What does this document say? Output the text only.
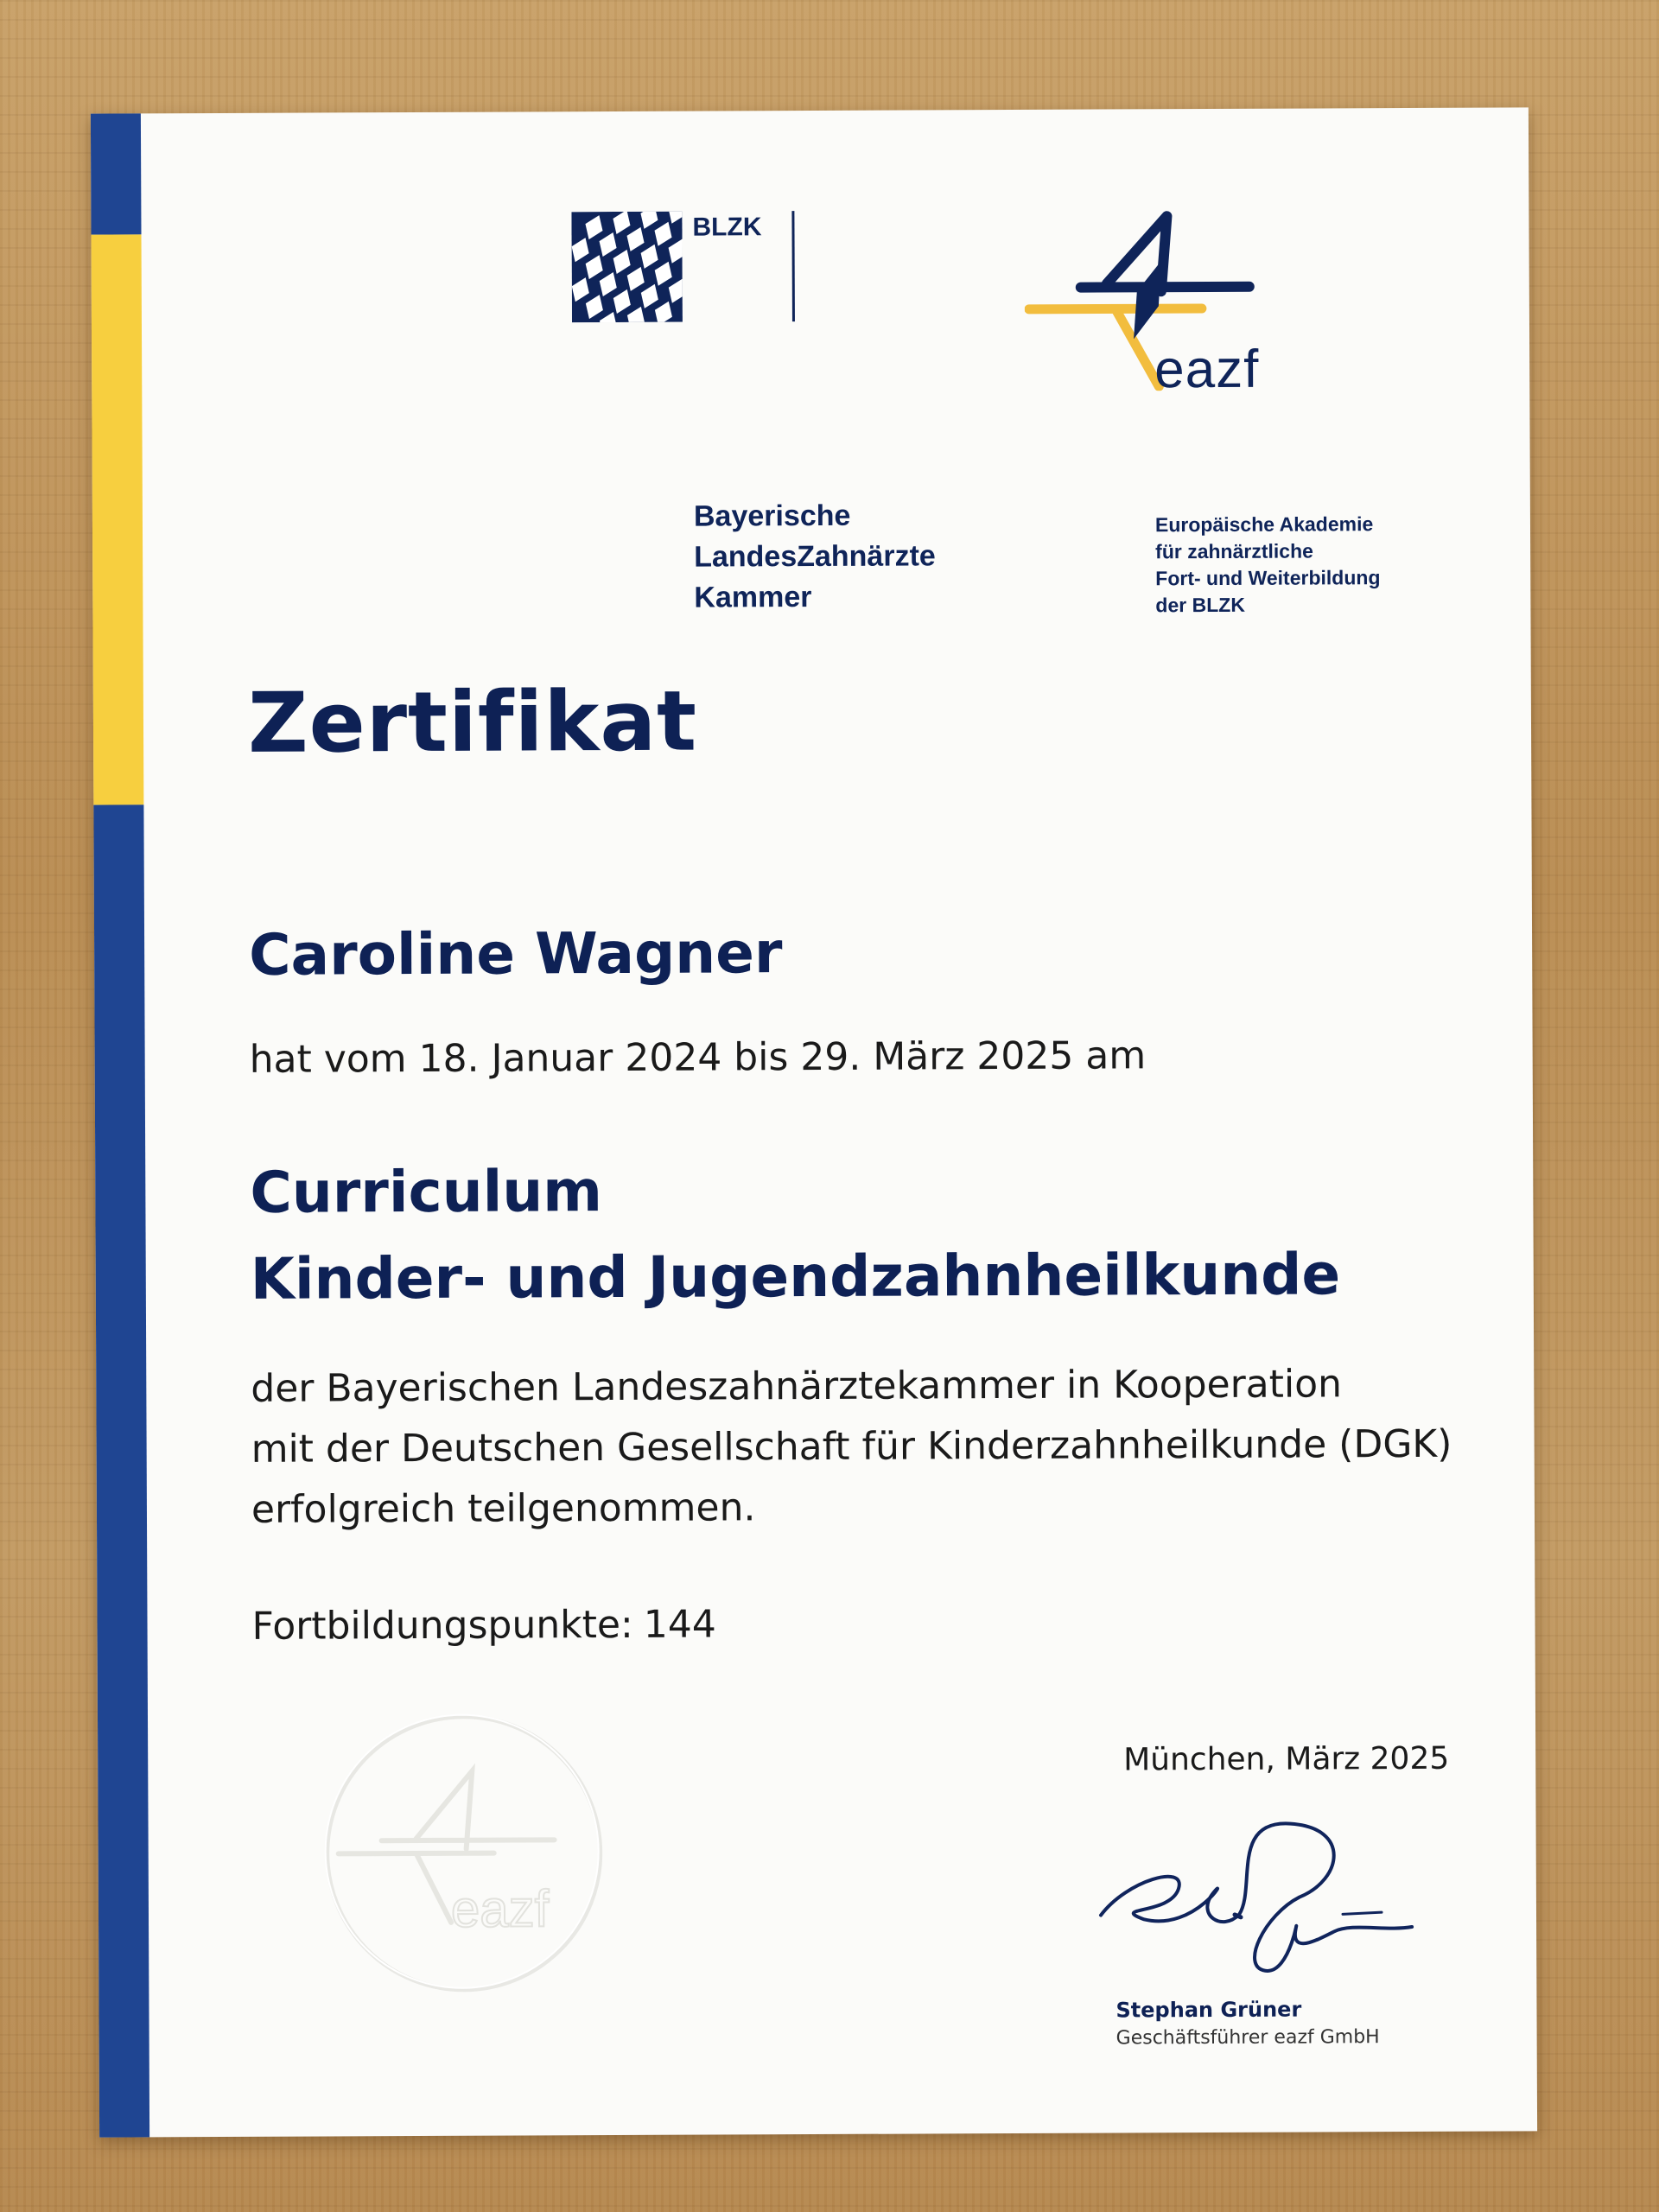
BLZK
Bayerische
LandesZahnärzte
Kammer
eazf
Europäische Akademie
für zahnärztliche
Fort- und Weiterbildung
der BLZK
Zertifikat
Caroline Wagner
hat vom 18. Januar 2024 bis 29. März 2025 am
Curriculum
Kinder- und Jugendzahnheilkunde
der Bayerischen Landeszahnärztekammer in Kooperation
mit der Deutschen Gesellschaft für Kinderzahnheilkunde (DGK)
erfolgreich teilgenommen.
Fortbildungspunkte: 144
eazf
München, März 2025
Stephan Grüner
Geschäftsführer eazf GmbH
